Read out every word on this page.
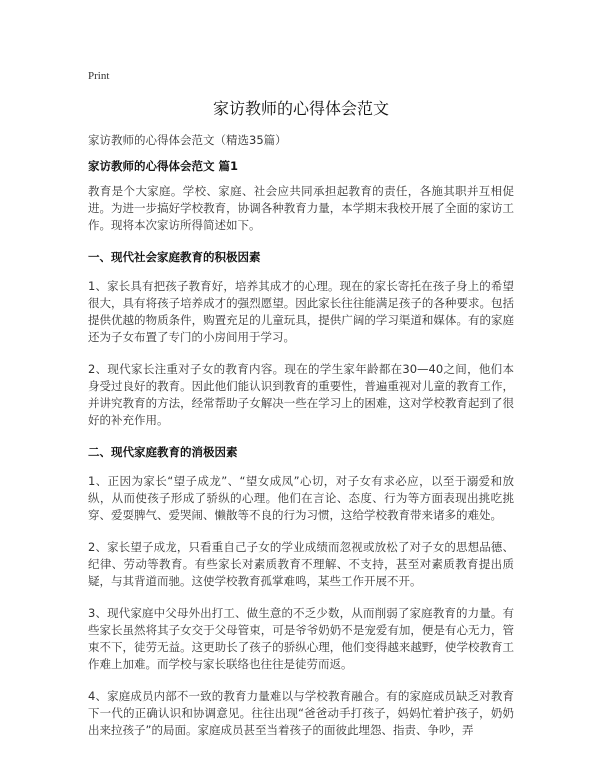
Print
家访教师的心得体会范文
家访教师的心得体会范文（精选35篇）
家访教师的心得体会范文 篇1

教育是个大家庭。学校、家庭、社会应共同承担起教育的责任，各施其职并互相促进。为进一步搞好学校教育，协调各种教育力量，本学期末我校开展了全面的家访工作。现将本次家访所得简述如下。

一、现代社会家庭教育的积极因素

1、家长具有把孩子教育好，培养其成才的心理。现在的家长寄托在孩子身上的希望很大，具有将孩子培养成才的强烈愿望。因此家长往往能满足孩子的各种要求。包括提供优越的物质条件，购置充足的儿童玩具，提供广阔的学习渠道和媒体。有的家庭还为子女布置了专门的小房间用于学习。

2、现代家长注重对子女的教育内容。现在的学生家年龄都在30—40之间，他们本身受过良好的教育。因此他们能认识到教育的重要性，普遍重视对儿童的教育工作，并讲究教育的方法，经常帮助子女解决一些在学习上的困难，这对学校教育起到了很好的补充作用。

二、现代家庭教育的消极因素

1、正因为家长“望子成龙”、“望女成凤”心切，对子女有求必应，以至于溺爱和放纵，从而使孩子形成了骄纵的心理。他们在言论、态度、行为等方面表现出挑吃挑穿、爱耍脾气、爱哭闹、懒散等不良的行为习惯，这给学校教育带来诸多的难处。

2、家长望子成龙，只看重自己子女的学业成绩而忽视或放松了对子女的思想品德、纪律、劳动等教育。有些家长对素质教育不理解、不支持，甚至对素质教育提出质疑，与其背道而驰。这使学校教育孤掌难鸣，某些工作开展不开。

3、现代家庭中父母外出打工、做生意的不乏少数，从而削弱了家庭教育的力量。有些家长虽然将其子女交于父母管束，可是爷爷奶奶不是宠爱有加，便是有心无力，管束不下，徒劳无益。这更助长了孩子的骄纵心理，他们变得越来越野，使学校教育工作难上加难。而学校与家长联络也往往是徒劳而返。

4、家庭成员内部不一致的教育力量难以与学校教育融合。有的家庭成员缺乏对教育下一代的正确认识和协调意见。往往出现“爸爸动手打孩子，妈妈忙着护孩子，奶奶出来拉孩子”的局面。家庭成员甚至当着孩子的面彼此埋怨、指责、争吵，弄
